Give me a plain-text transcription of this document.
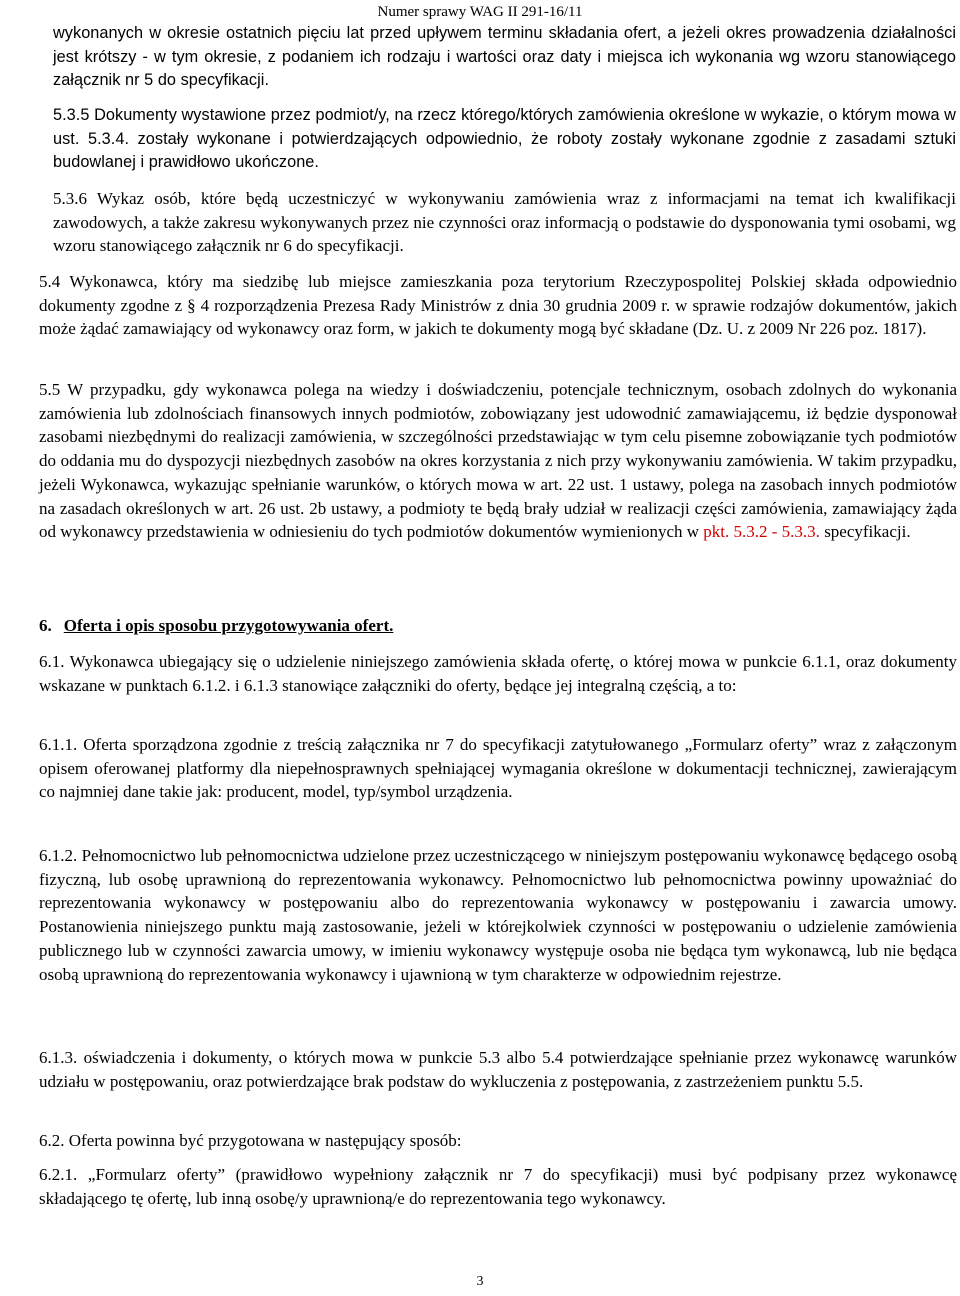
Numer sprawy WAG II 291-16/11

wykonanych w okresie ostatnich pięciu lat przed upływem terminu składania ofert, a jeżeli okres prowadzenia działalności jest krótszy - w tym okresie, z podaniem ich rodzaju i wartości oraz daty i miejsca ich wykonania wg wzoru stanowiącego załącznik nr 5 do specyfikacji.

5.3.5 Dokumenty wystawione przez podmiot/y, na rzecz którego/których zamówienia określone w wykazie, o którym mowa w ust. 5.3.4. zostały wykonane i potwierdzających odpowiednio, że roboty zostały wykonane zgodnie z zasadami sztuki budowlanej i prawidłowo ukończone.

5.3.6 Wykaz osób, które będą uczestniczyć w wykonywaniu zamówienia wraz z informacjami na temat ich kwalifikacji zawodowych, a także zakresu wykonywanych przez nie czynności oraz informacją o podstawie do dysponowania tymi osobami, wg wzoru stanowiącego załącznik nr 6 do specyfikacji.

5.4 Wykonawca, który ma siedzibę lub miejsce zamieszkania poza terytorium Rzeczypospolitej Polskiej składa odpowiednio dokumenty zgodne z § 4 rozporządzenia Prezesa Rady Ministrów z dnia 30 grudnia 2009 r. w sprawie rodzajów dokumentów, jakich może żądać zamawiający od wykonawcy oraz form, w jakich te dokumenty mogą być składane (Dz. U. z 2009 Nr 226 poz. 1817).

5.5 W przypadku, gdy wykonawca polega na wiedzy i doświadczeniu, potencjale technicznym, osobach zdolnych do wykonania zamówienia lub zdolnościach finansowych innych podmiotów, zobowiązany jest udowodnić zamawiającemu, iż będzie dysponował zasobami niezbędnymi do realizacji zamówienia, w szczególności przedstawiając w tym celu pisemne zobowiązanie tych podmiotów do oddania mu do dyspozycji niezbędnych zasobów na okres korzystania z nich przy wykonywaniu zamówienia. W takim przypadku, jeżeli Wykonawca, wykazując spełnianie warunków, o których mowa w art. 22 ust. 1 ustawy, polega na zasobach innych podmiotów na zasadach określonych w art. 26 ust. 2b ustawy, a podmioty te będą brały udział w realizacji części zamówienia, zamawiający żąda od wykonawcy przedstawienia w odniesieniu do tych podmiotów dokumentów wymienionych w pkt. 5.3.2 - 5.3.3. specyfikacji.

6. Oferta i opis sposobu przygotowywania ofert.

6.1. Wykonawca ubiegający się o udzielenie niniejszego zamówienia składa ofertę, o której mowa w punkcie 6.1.1, oraz dokumenty wskazane w punktach 6.1.2. i 6.1.3 stanowiące załączniki do oferty, będące jej integralną częścią, a to:

6.1.1. Oferta sporządzona zgodnie z treścią załącznika nr 7 do specyfikacji zatytułowanego „Formularz oferty” wraz z załączonym opisem oferowanej platformy dla niepełnosprawnych spełniającej wymagania określone w dokumentacji technicznej, zawierającym co najmniej dane takie jak: producent, model, typ/symbol urządzenia.

6.1.2. Pełnomocnictwo lub pełnomocnictwa udzielone przez uczestniczącego w niniejszym postępowaniu wykonawcę będącego osobą fizyczną, lub osobę uprawnioną do reprezentowania wykonawcy. Pełnomocnictwo lub pełnomocnictwa powinny upoważniać do reprezentowania wykonawcy w postępowaniu albo do reprezentowania wykonawcy w postępowaniu i zawarcia umowy. Postanowienia niniejszego punktu mają zastosowanie, jeżeli w którejkolwiek czynności w postępowaniu o udzielenie zamówienia publicznego lub w czynności zawarcia umowy, w imieniu wykonawcy występuje osoba nie będąca tym wykonawcą, lub nie będąca osobą uprawnioną do reprezentowania wykonawcy i ujawnioną w tym charakterze w odpowiednim rejestrze.

6.1.3. oświadczenia i dokumenty, o których mowa w punkcie 5.3 albo 5.4 potwierdzające spełnianie przez wykonawcę warunków udziału w postępowaniu, oraz potwierdzające brak podstaw do wykluczenia z postępowania, z zastrzeżeniem punktu 5.5.

6.2. Oferta powinna być przygotowana w następujący sposób:

6.2.1. „Formularz oferty” (prawidłowo wypełniony załącznik nr 7 do specyfikacji) musi być podpisany przez wykonawcę składającego tę ofertę, lub inną osobę/y uprawnioną/e do reprezentowania tego wykonawcy.

3
